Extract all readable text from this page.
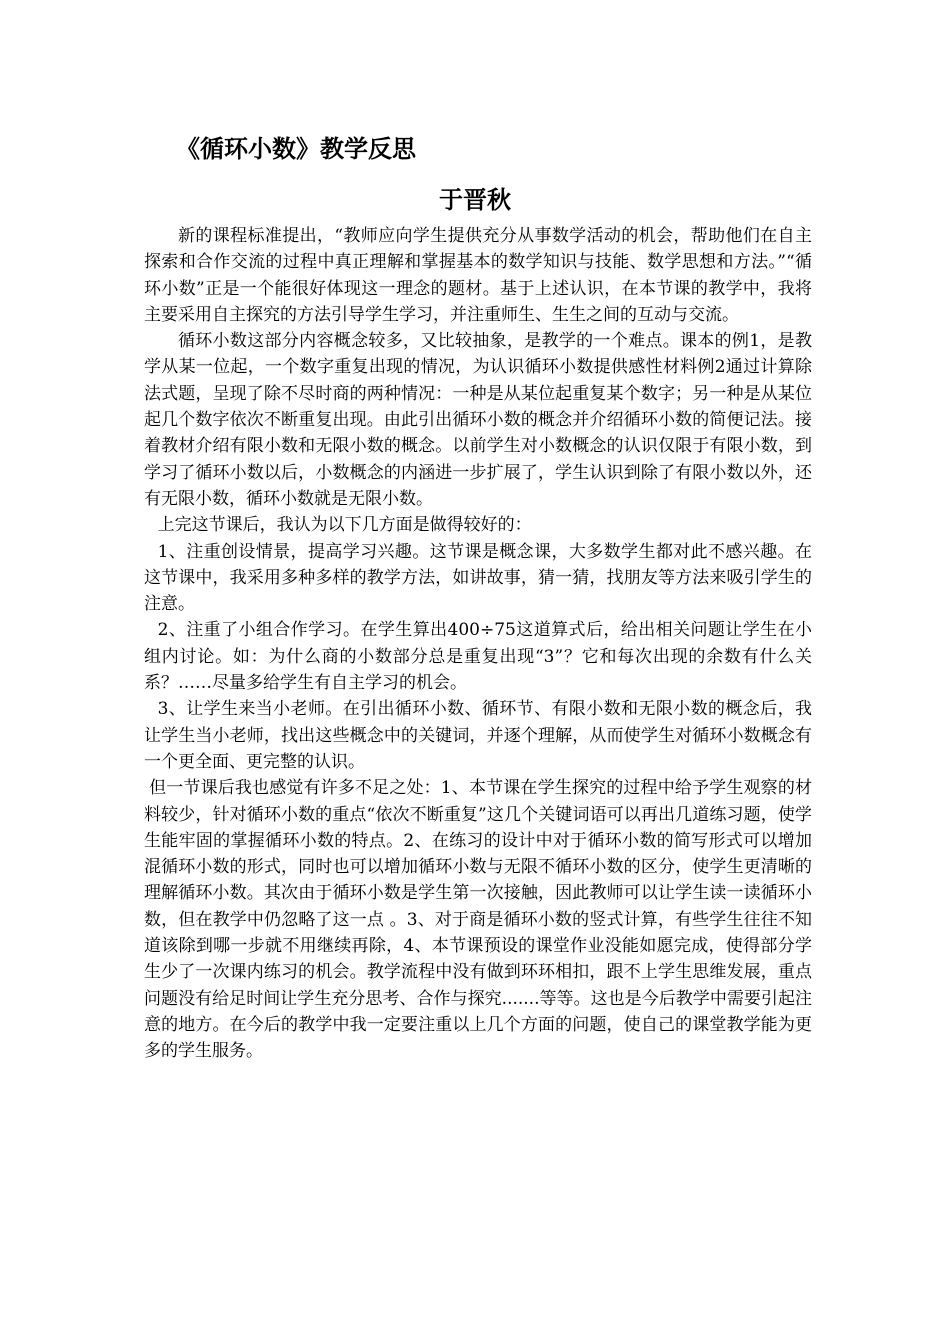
《循环小数》教学反思
于晋秋

新的课程标准提出，“教师应向学生提供充分从事数学活动的机会，帮助他们在自主探索和合作交流的过程中真正理解和掌握基本的数学知识与技能、数学思想和方法。”“循环小数”正是一个能很好体现这一理念的题材。基于上述认识，在本节课的教学中，我将主要采用自主探究的方法引导学生学习，并注重师生、生生之间的互动与交流。

循环小数这部分内容概念较多，又比较抽象，是教学的一个难点。课本的例1，是教学从某一位起，一个数字重复出现的情况，为认识循环小数提供感性材料例2通过计算除法式题，呈现了除不尽时商的两种情况：一种是从某位起重复某个数字；另一种是从某位起几个数字依次不断重复出现。由此引出循环小数的概念并介绍循环小数的简便记法。接着教材介绍有限小数和无限小数的概念。以前学生对小数概念的认识仅限于有限小数，到学习了循环小数以后，小数概念的内涵进一步扩展了，学生认识到除了有限小数以外，还有无限小数，循环小数就是无限小数。

上完这节课后，我认为以下几方面是做得较好的：

1、注重创设情景，提高学习兴趣。这节课是概念课，大多数学生都对此不感兴趣。在这节课中，我采用多种多样的教学方法，如讲故事，猜一猜，找朋友等方法来吸引学生的注意。

2、注重了小组合作学习。在学生算出400÷75这道算式后，给出相关问题让学生在小组内讨论。如：为什么商的小数部分总是重复出现“3”？它和每次出现的余数有什么关系？……尽量多给学生有自主学习的机会。

3、让学生来当小老师。在引出循环小数、循环节、有限小数和无限小数的概念后，我让学生当小老师，找出这些概念中的关键词，并逐个理解，从而使学生对循环小数概念有一个更全面、更完整的认识。

但一节课后我也感觉有许多不足之处：1、本节课在学生探究的过程中给予学生观察的材料较少，针对循环小数的重点“依次不断重复”这几个关键词语可以再出几道练习题，使学生能牢固的掌握循环小数的特点。2、在练习的设计中对于循环小数的简写形式可以增加混循环小数的形式，同时也可以增加循环小数与无限不循环小数的区分，使学生更清晰的理解循环小数。其次由于循环小数是学生第一次接触，因此教师可以让学生读一读循环小数，但在教学中仍忽略了这一点 。3、对于商是循环小数的竖式计算，有些学生往往不知道该除到哪一步就不用继续再除，4、本节课预设的课堂作业没能如愿完成，使得部分学生少了一次课内练习的机会。教学流程中没有做到环环相扣，跟不上学生思维发展，重点问题没有给足时间让学生充分思考、合作与探究.......等等。这也是今后教学中需要引起注意的地方。在今后的教学中我一定要注重以上几个方面的问题，使自己的课堂教学能为更多的学生服务。
